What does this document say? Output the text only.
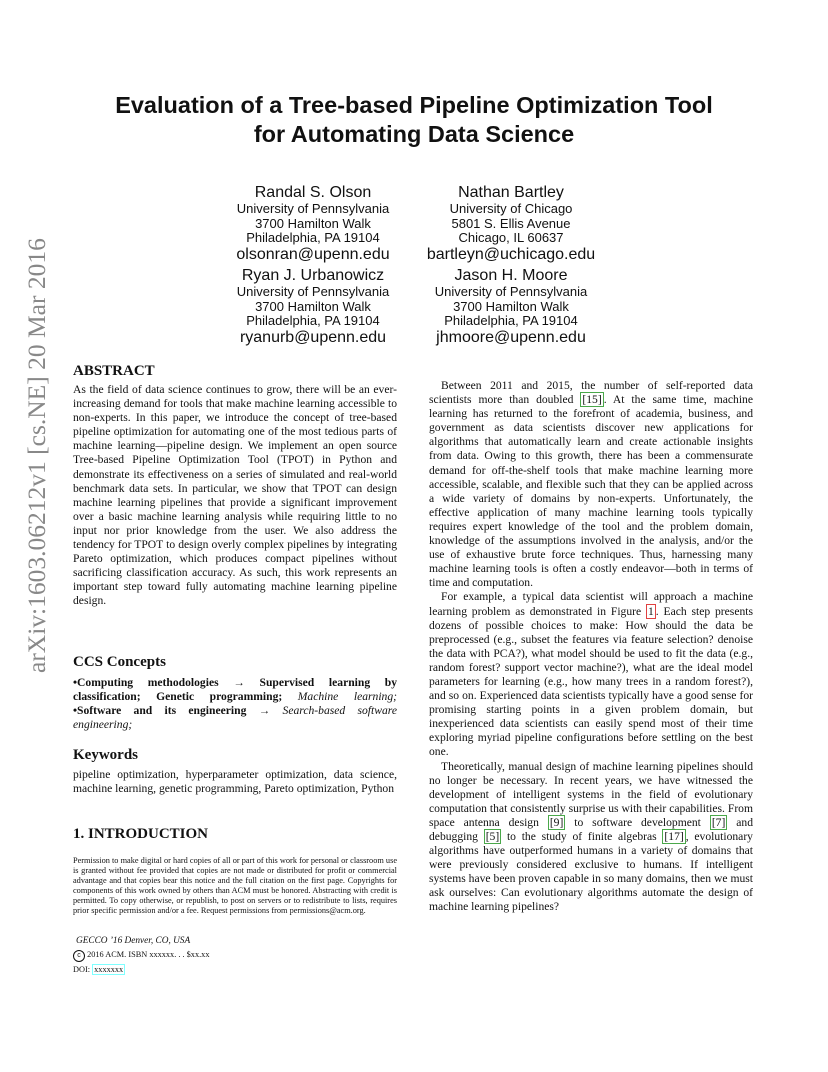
arXiv:1603.06212v1 [cs.NE] 20 Mar 2016
Evaluation of a Tree-based Pipeline Optimization Tool
for Automating Data Science
Randal S. Olson
University of Pennsylvania
3700 Hamilton Walk
Philadelphia, PA 19104
olsonran@upenn.edu
Nathan Bartley
University of Chicago
5801 S. Ellis Avenue
Chicago, IL 60637
bartleyn@uchicago.edu
Ryan J. Urbanowicz
University of Pennsylvania
3700 Hamilton Walk
Philadelphia, PA 19104
ryanurb@upenn.edu
Jason H. Moore
University of Pennsylvania
3700 Hamilton Walk
Philadelphia, PA 19104
jhmoore@upenn.edu
ABSTRACT

As the field of data science continues to grow, there will be an ever-increasing demand for tools that make machine learning accessible to non-experts. In this paper, we introduce the concept of tree-based pipeline optimization for automating one of the most tedious parts of machine learning—pipeline design. We implement an open source Tree-based Pipeline Optimization Tool (TPOT) in Python and demonstrate its effectiveness on a series of simulated and real-world benchmark data sets. In particular, we show that TPOT can design machine learning pipelines that provide a significant improvement over a basic machine learning analysis while requiring little to no input nor prior knowledge from the user. We also address the tendency for TPOT to design overly complex pipelines by integrating Pareto optimization, which produces compact pipelines without sacrificing classification accuracy. As such, this work represents an important step toward fully automating machine learning pipeline design.

CCS Concepts

•Computing methodologies → Supervised learning by classification; Genetic programming; Machine learning; •Software and its engineering → Search-based software engineering;

Keywords

pipeline optimization, hyperparameter optimization, data science, machine learning, genetic programming, Pareto optimization, Python

1. INTRODUCTION
Permission to make digital or hard copies of all or part of this work for personal or classroom use is granted without fee provided that copies are not made or distributed for profit or commercial advantage and that copies bear this notice and the full citation on the first page. Copyrights for components of this work owned by others than ACM must be honored. Abstracting with credit is permitted. To copy otherwise, or republish, to post on servers or to redistribute to lists, requires prior specific permission and/or a fee. Request permissions from permissions@acm.org.
GECCO ’16 Denver, CO, USA
c 2016 ACM. ISBN xxxxxx. . . $xx.xx
DOI: xxxxxxx

Between 2011 and 2015, the number of self-reported data scientists more than doubled [15] . At the same time, machine learning has returned to the forefront of academia, business, and government as data scientists discover new applications for algorithms that automatically learn and create actionable insights from data. Owing to this growth, there has been a commensurate demand for off-the-shelf tools that make machine learning more accessible, scalable, and flexible such that they can be applied across a wide variety of domains by non-experts. Unfortunately, the effective application of many machine learning tools typically requires expert knowledge of the tool and the problem domain, knowledge of the assumptions involved in the analysis, and/or the use of exhaustive brute force techniques. Thus, harnessing many machine learning tools is often a costly endeavor—both in terms of time and computation.

For example, a typical data scientist will approach a machine learning problem as demonstrated in Figure 1 . Each step presents dozens of possible choices to make: How should the data be preprocessed (e.g., subset the features via feature selection? denoise the data with PCA?), what model should be used to fit the data (e.g., random forest? support vector machine?), what are the ideal model parameters for learning (e.g., how many trees in a random forest?), and so on. Experienced data scientists typically have a good sense for promising starting points in a given problem domain, but inexperienced data scientists can easily spend most of their time exploring myriad pipeline configurations before settling on the best one.

Theoretically, manual design of machine learning pipelines should no longer be necessary. In recent years, we have witnessed the development of intelligent systems in the field of evolutionary computation that consistently surprise us with their capabilities. From space antenna design [9] to software development [7] and debugging [5] to the study of finite algebras [17] , evolutionary algorithms have outperformed humans in a variety of domains that were previously considered exclusive to humans. If intelligent systems have been proven capable in so many domains, then we must ask ourselves: Can evolutionary algorithms automate the design of machine learning pipelines?
